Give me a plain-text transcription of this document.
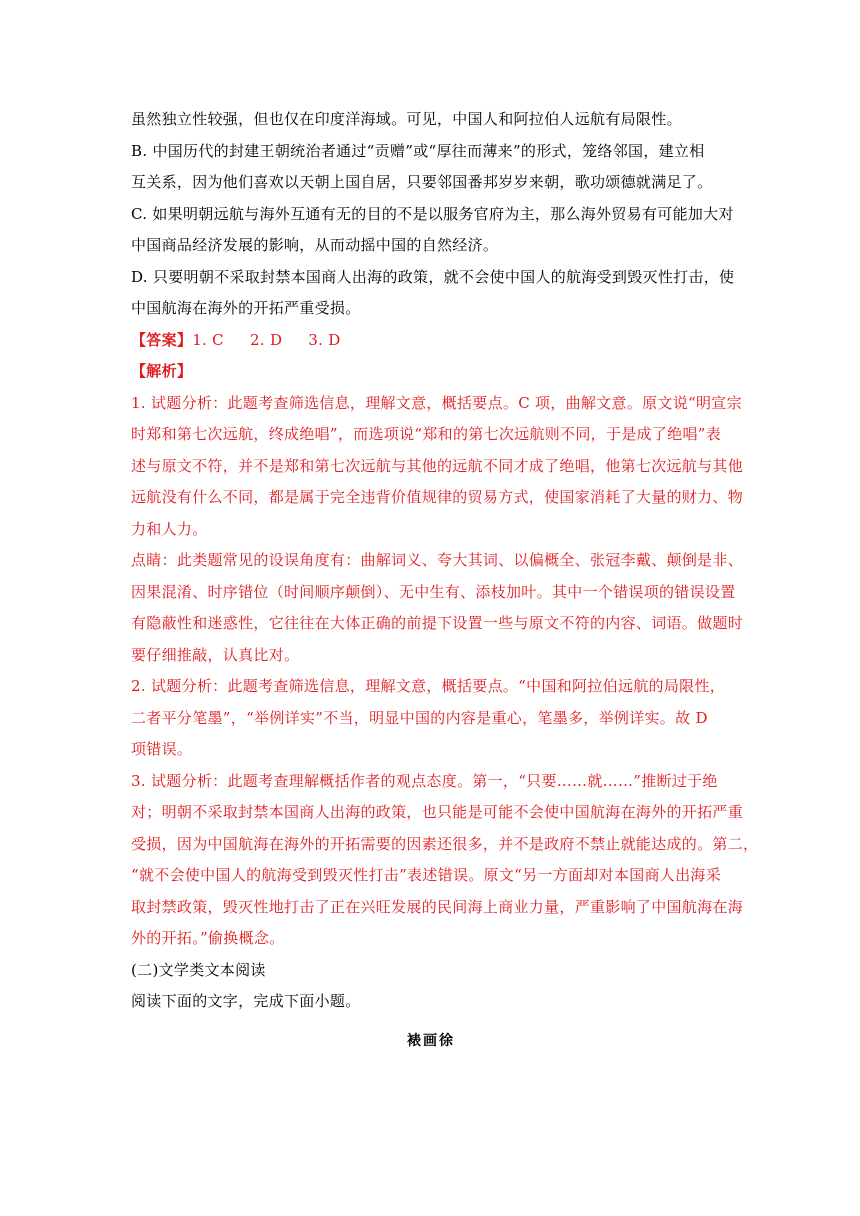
虽然独立性较强，但也仅在印度洋海域。可见，中国人和阿拉伯人远航有局限性。
B. 中国历代的封建王朝统治者通过“贡赠”或“厚往而薄来”的形式，笼络邻国，建立相
互关系，因为他们喜欢以天朝上国自居，只要邻国番邦岁岁来朝，歌功颂德就满足了。
C. 如果明朝远航与海外互通有无的目的不是以服务官府为主，那么海外贸易有可能加大对
中国商品经济发展的影响，从而动摇中国的自然经济。
D. 只要明朝不采取封禁本国商人出海的政策，就不会使中国人的航海受到毁灭性打击，使
中国航海在海外的开拓严重受损。
【答案】1. C 2. D 3. D
【解析】
1. 试题分析：此题考查筛选信息，理解文意，概括要点。C 项，曲解文意。原文说“明宣宗
时郑和第七次远航，终成绝唱”，而选项说“郑和的第七次远航则不同，于是成了绝唱”表
述与原文不符，并不是郑和第七次远航与其他的远航不同才成了绝唱，他第七次远航与其他
远航没有什么不同，都是属于完全违背价值规律的贸易方式，使国家消耗了大量的财力、物
力和人力。
点睛：此类题常见的设误角度有：曲解词义、夸大其词、以偏概全、张冠李戴、颠倒是非、
因果混淆、时序错位（时间顺序颠倒）、无中生有、添枝加叶。其中一个错误项的错误设置
有隐蔽性和迷惑性，它往往在大体正确的前提下设置一些与原文不符的内容、词语。做题时
要仔细推敲，认真比对。
2. 试题分析：此题考查筛选信息，理解文意，概括要点。“中国和阿拉伯远航的局限性，
二者平分笔墨”，“举例详实”不当，明显中国的内容是重心，笔墨多，举例详实。故 D
项错误。
3. 试题分析：此题考查理解概括作者的观点态度。第一，“只要……就……”推断过于绝
对；明朝不采取封禁本国商人出海的政策，也只能是可能不会使中国航海在海外的开拓严重
受损，因为中国航海在海外的开拓需要的因素还很多，并不是政府不禁止就能达成的。第二，
“就不会使中国人的航海受到毁灭性打击”表述错误。原文“另一方面却对本国商人出海采
取封禁政策，毁灭性地打击了正在兴旺发展的民间海上商业力量，严重影响了中国航海在海
外的开拓。”偷换概念。
(二)文学类文本阅读
阅读下面的文字，完成下面小题。
裱画徐
